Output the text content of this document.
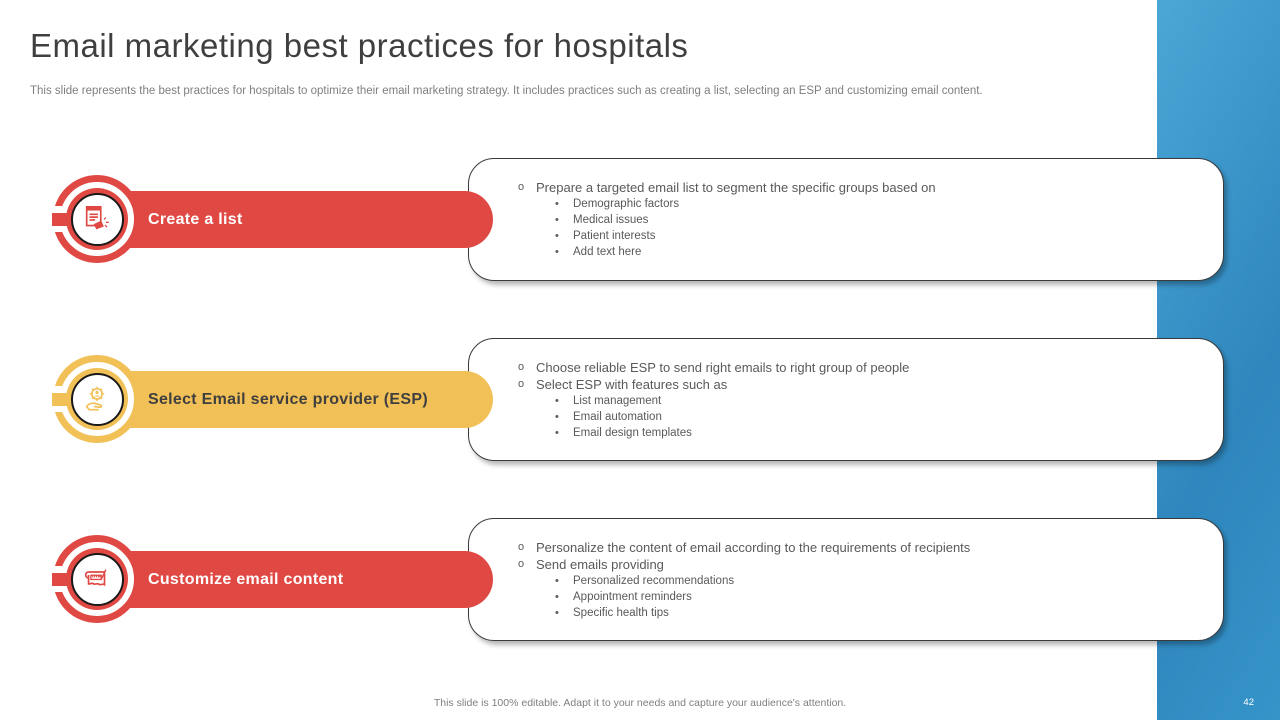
Email marketing best practices for hospitals

This slide represents the best practices for hospitals to optimize their email marketing strategy. It includes practices such as creating a list, selecting an ESP and customizing email content.

o Prepare a targeted email list to segment the specific groups based on
• Demographic factors
• Medical issues
• Patient interests
• Add text here
Create a list
o Choose reliable ESP to send right emails to right group of people
o Select ESP with features such as
• List management
• Email automation
• Email design templates
Select Email service provider (ESP)
o Personalize the content of email according to the requirements of recipients
o Send emails providing
• Personalized recommendations
• Appointment reminders
• Specific health tips
Customize email content
This slide is 100% editable. Adapt it to your needs and capture your audience's attention.	42
